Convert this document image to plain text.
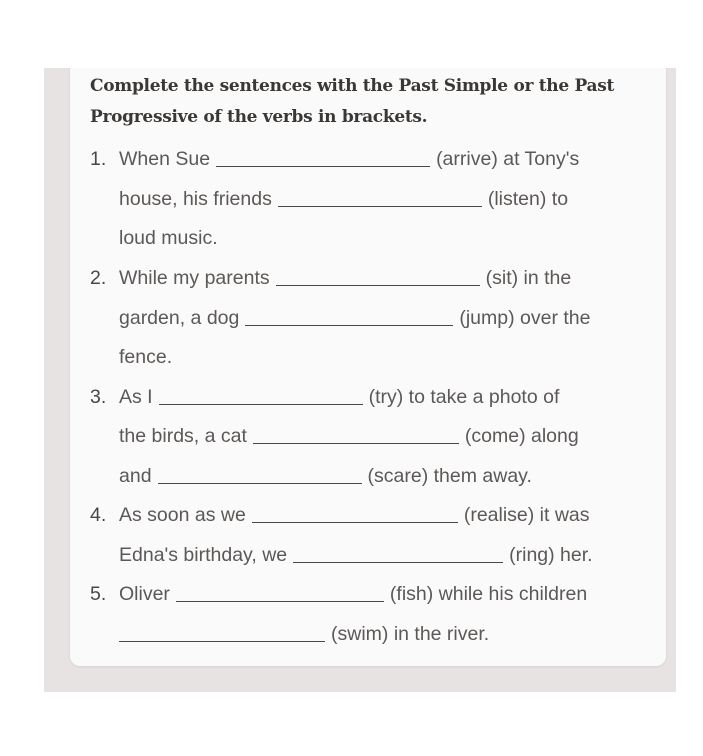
Complete the sentences with the Past Simple or the Past
Progressive of the verbs in brackets.
1. When Sue	(arrive) at Tony's
house, his friends	(listen) to
loud music.
2. While my parents	(sit) in the
garden, a dog	(jump) over the
fence.
3. As I	(try) to take a photo of
the birds, a cat	(come) along
and	(scare) them away.
4. As soon as we	(realise) it was
Edna's birthday, we	(ring) her.
5. Oliver	(fish) while his children
(swim) in the river.
